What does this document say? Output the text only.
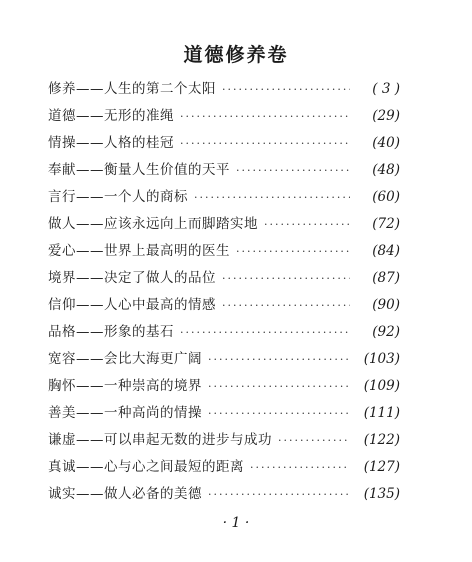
道德修养卷
修养——人生的第二个太阳 ·····	( 3 )
道德——无形的准绳 ·····	(29)
情操——人格的桂冠 ·····	(40)
奉献——衡量人生价值的天平 ·····	(48)
言行——一个人的商标 ·····	(60)
做人——应该永远向上而脚踏实地 ·····	(72)
爱心——世界上最高明的医生 ·····	(84)
境界——决定了做人的品位 ·····	(87)
信仰——人心中最高的情感 ·····	(90)
品格——形象的基石 ·····	(92)
宽容——会比大海更广阔 ·····	(103)
胸怀——一种崇高的境界 ·····	(109)
善美——一种高尚的情操 ·····	(111)
谦虚——可以串起无数的进步与成功 ·····	(122)
真诚——心与心之间最短的距离 ·····	(127)
诚实——做人必备的美德 ·····	(135)
· 1 ·
